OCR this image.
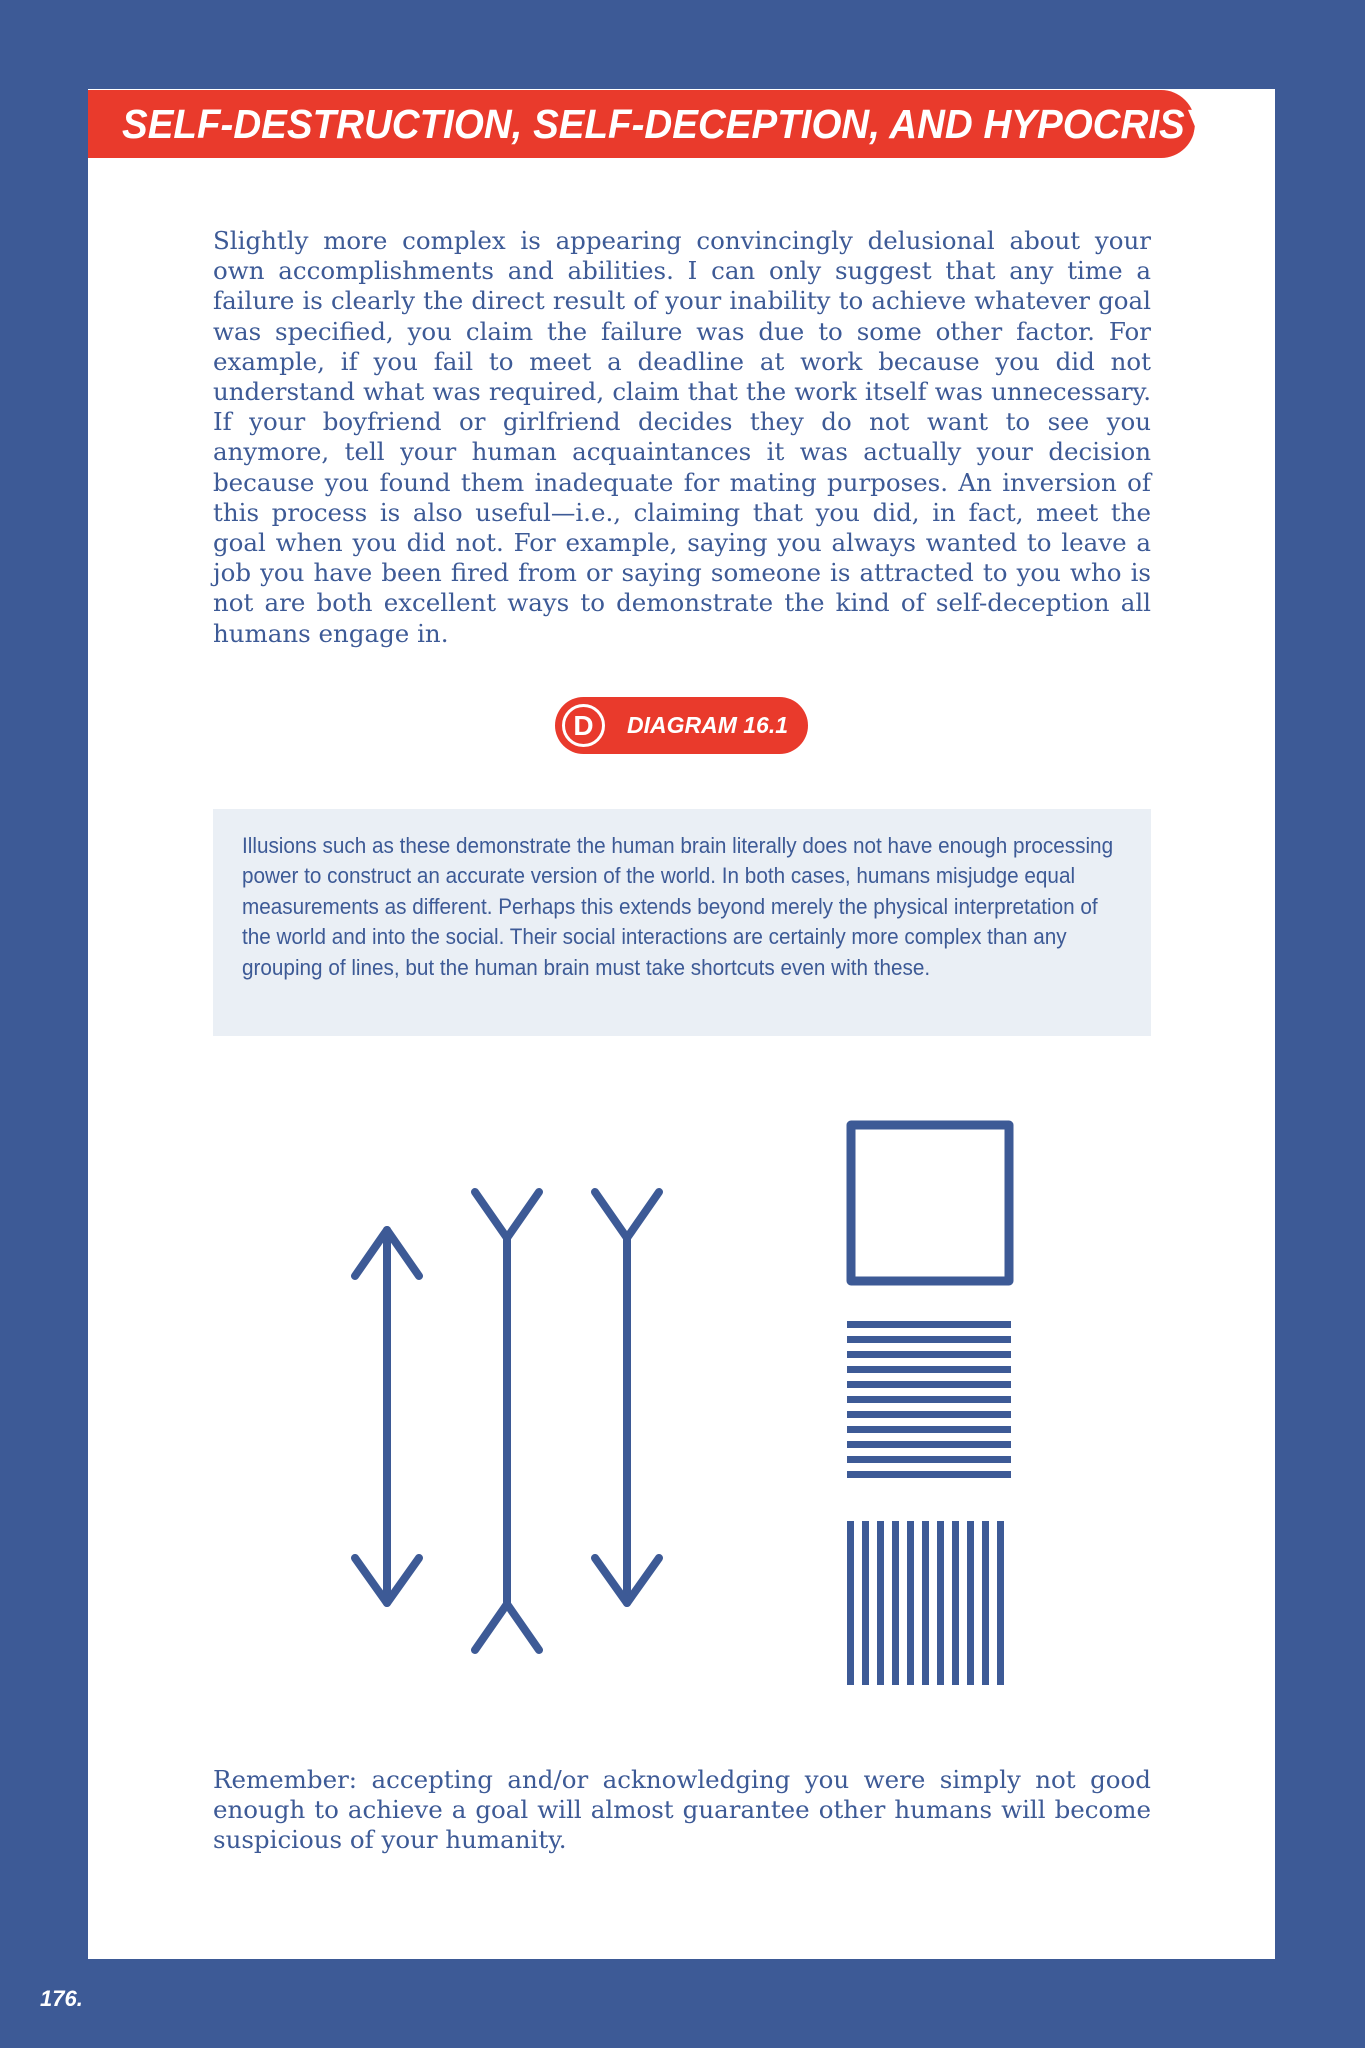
SELF-DESTRUCTION, SELF-DECEPTION, AND HYPOCRISY

Slightly more complex is appearing convincingly delusional about your own accomplishments and abilities. I can only suggest that any time a failure is clearly the direct result of your inability to achieve whatever goal was specified, you claim the failure was due to some other factor. For example, if you fail to meet a deadline at work because you did not understand what was required, claim that the work itself was unnecessary. If your boyfriend or girlfriend decides they do not want to see you anymore, tell your human acquaintances it was actually your decision because you found them inadequate for mating purposes. An inversion of this process is also useful—i.e., claiming that you did, in fact, meet the goal when you did not. For example, saying you always wanted to leave a job you have been fired from or saying someone is attracted to you who is not are both excellent ways to demonstrate the kind of self-deception all humans engage in.

D	DIAGRAM 16.1

Illusions such as these demonstrate the human brain literally does not have enough processing power to construct an accurate version of the world. In both cases, humans misjudge equal measurements as different. Perhaps this extends beyond merely the physical interpretation of the world and into the social. Their social interactions are certainly more complex than any grouping of lines, but the human brain must take shortcuts even with these.

Remember: accepting and/or acknowledging you were simply not good enough to achieve a goal will almost guarantee other humans will become suspicious of your humanity.

176.
